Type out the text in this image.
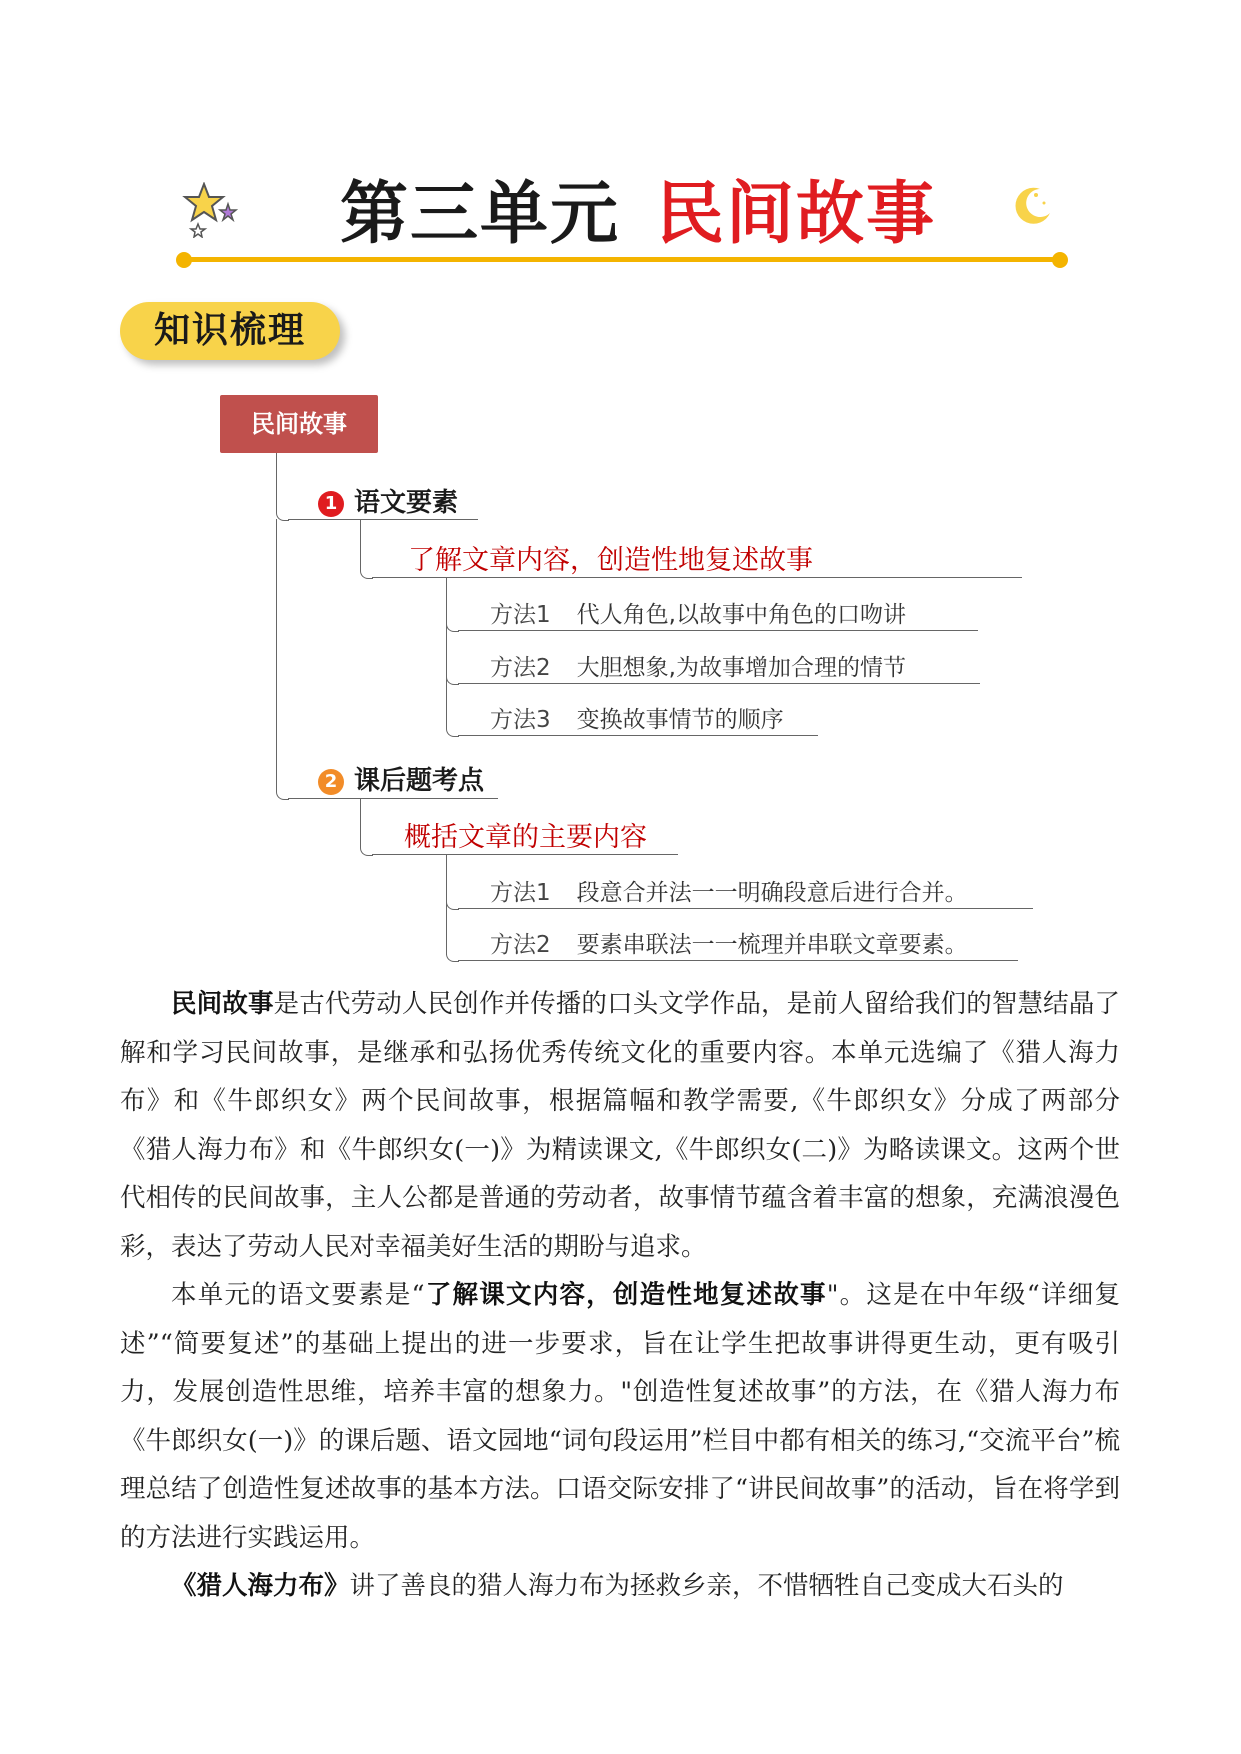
第三单元 民间故事
知识梳理
民间故事
1 语文要素
了解文章内容，创造性地复述故事
方法1 代人角色,以故事中角色的口吻讲
方法2 大胆想象,为故事增加合理的情节
方法3 变换故事情节的顺序
2 课后题考点
概括文章的主要内容
方法1 段意合并法一一明确段意后进行合并。
方法2 要素串联法一一梳理并串联文章要素。

民间故事是古代劳动人民创作并传播的口头文学作品，是前人留给我们的智慧结晶了解和学习民间故事，是继承和弘扬优秀传统文化的重要内容。本单元选编了《猎人海力布》和《牛郎织女》两个民间故事，根据篇幅和教学需要,《牛郎织女》分成了两部分《猎人海力布》和《牛郎织女(一)》为精读课文,《牛郎织女(二)》为略读课文。这两个世代相传的民间故事，主人公都是普通的劳动者，故事情节蕴含着丰富的想象，充满浪漫色彩，表达了劳动人民对幸福美好生活的期盼与追求。

本单元的语文要素是“了解课文内容，创造性地复述故事"。这是在中年级“详细复述”“简要复述”的基础上提出的进一步要求，旨在让学生把故事讲得更生动，更有吸引力，发展创造性思维，培养丰富的想象力。"创造性复述故事”的方法，在《猎人海力布《牛郎织女(一)》的课后题、语文园地“词句段运用”栏目中都有相关的练习,“交流平台”梳理总结了创造性复述故事的基本方法。口语交际安排了“讲民间故事”的活动，旨在将学到的方法进行实践运用。

《猎人海力布》讲了善良的猎人海力布为拯救乡亲，不惜牺牲自己变成大石头的
